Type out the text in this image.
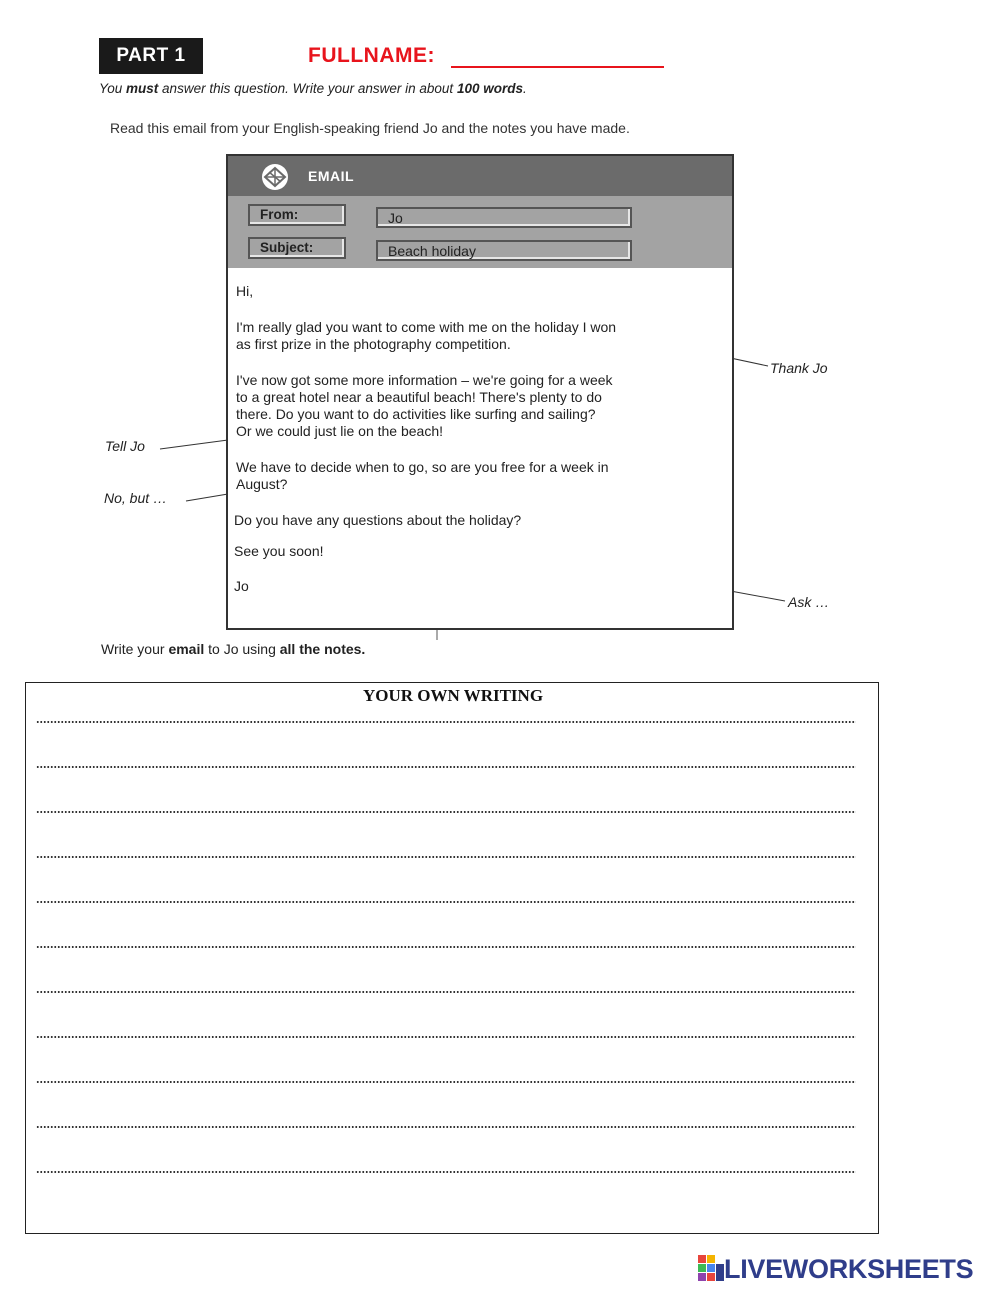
PART 1	FULLNAME:
You must answer this question. Write your answer in about 100 words.
Read this email from your English-speaking friend Jo and the notes you have made.
EMAIL
From:	Jo
Subject:	Beach holiday
Hi,
I'm really glad you want to come with me on the holiday I won
as first prize in the photography competition.
I've now got some more information – we're going for a week
to a great hotel near a beautiful beach! There's plenty to do
there. Do you want to do activities like surfing and sailing?
Or we could just lie on the beach!
We have to decide when to go, so are you free for a week in
August?
Do you have any questions about the holiday?
See you soon!
Jo
Thank Jo
Tell Jo
No, but …
Ask …
Write your email to Jo using all the notes.
YOUR OWN WRITING
LIVEWORKSHEETS
